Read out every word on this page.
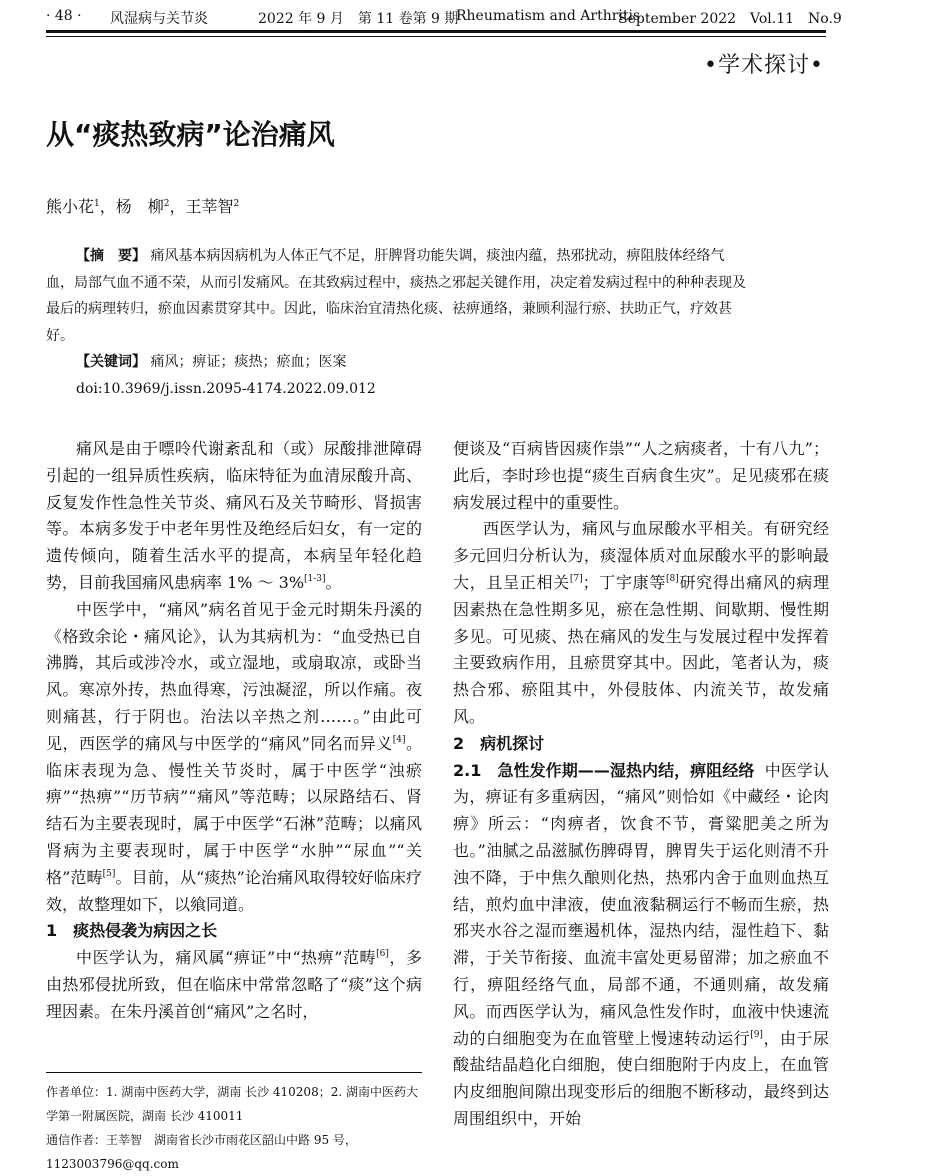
· 48 · 风湿病与关节炎	2022 年 9 月　第 11 卷第 9 期
Rheumatism and Arthritis
September 2022　Vol.11　No.9
•学术探讨•
从“痰热致病”论治痛风
熊小花$^1$，杨　柳$^2$，王莘智$^2$

【摘　要】 痛风基本病因病机为人体正气不足，肝脾肾功能失调，痰浊内蕴，热邪扰动，痹阻肢体经络气血，局部气血不通不荣，从而引发痛风。在其致病过程中，痰热之邪起关键作用，决定着发病过程中的种种表现及最后的病理转归，瘀血因素贯穿其中。因此，临床治宜清热化痰、祛痹通络，兼顾利湿行瘀、扶助正气，疗效甚好。

【关键词】 痛风；痹证；痰热；瘀血；医案

doi:10.3969/j.issn.2095-4174.2022.09.012

痛风是由于嘌呤代谢紊乱和（或）尿酸排泄障碍引起的一组异质性疾病，临床特征为血清尿酸升高、反复发作性急性关节炎、痛风石及关节畸形、肾损害等。本病多发于中老年男性及绝经后妇女，有一定的遗传倾向，随着生活水平的提高，本病呈年轻化趋势，目前我国痛风患病率 1% ～ 3%[1-3]。

中医学中，“痛风”病名首见于金元时期朱丹溪的《格致余论・痛风论》，认为其病机为：“血受热已自沸腾，其后或涉冷水，或立湿地，或扇取凉，或卧当风。寒凉外抟，热血得寒，污浊凝涩，所以作痛。夜则痛甚，行于阴也。治法以辛热之剂……。”由此可见，西医学的痛风与中医学的“痛风”同名而异义[4]。临床表现为急、慢性关节炎时，属于中医学“浊瘀痹”“热痹”“历节病”“痛风”等范畴；以尿路结石、肾结石为主要表现时，属于中医学“石淋”范畴；以痛风肾病为主要表现时，属于中医学“水肿”“尿血”“关格”范畴[5]。目前，从“痰热”论治痛风取得较好临床疗效，故整理如下，以飨同道。

1　痰热侵袭为病因之长

中医学认为，痛风属“痹证”中“热痹”范畴[6]，多由热邪侵扰所致，但在临床中常常忽略了“痰”这个病理因素。在朱丹溪首创“痛风”之名时，

作者单位：1. 湖南中医药大学，湖南 长沙 410208；2. 湖南中医药大学第一附属医院，湖南 长沙 410011

通信作者：王莘智　湖南省长沙市雨花区韶山中路 95 号，1123003796@qq.com

便谈及“百病皆因痰作祟”“人之病痰者，十有八九”；此后，李时珍也提“痰生百病食生灾”。足见痰邪在痰病发展过程中的重要性。

西医学认为，痛风与血尿酸水平相关。有研究经多元回归分析认为，痰湿体质对血尿酸水平的影响最大，且呈正相关[7]；丁宇康等[8]研究得出痛风的病理因素热在急性期多见，瘀在急性期、间歇期、慢性期多见。可见痰、热在痛风的发生与发展过程中发挥着主要致病作用，且瘀贯穿其中。因此，笔者认为，痰热合邪、瘀阻其中，外侵肢体、内流关节，故发痛风。

2　病机探讨

2.1　急性发作期——湿热内结，痹阻经络 中医学认为，痹证有多重病因，“痛风”则恰如《中藏经・论肉痹》所云：“肉痹者，饮食不节，膏粱肥美之所为也。”油腻之品滋腻伤脾碍胃，脾胃失于运化则清不升浊不降，于中焦久酿则化热，热邪内舍于血则血热互结，煎灼血中津液，使血液黏稠运行不畅而生瘀，热邪夹水谷之湿而壅遏机体，湿热内结，湿性趋下、黏滞，于关节衔接、血流丰富处更易留滞；加之瘀血不行，痹阻经络气血，局部不通，不通则痛，故发痛风。而西医学认为，痛风急性发作时，血液中快速流动的白细胞变为在血管壁上慢速转动运行[9]，由于尿酸盐结晶趋化白细胞，使白细胞附于内皮上，在血管内皮细胞间隙出现变形后的细胞不断移动，最终到达周围组织中，开始
